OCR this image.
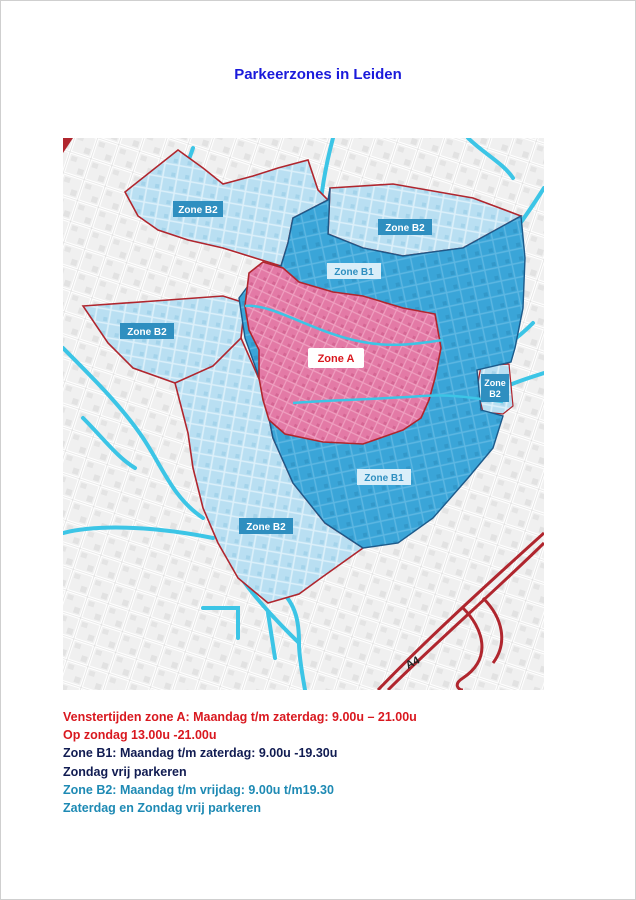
Parkeerzones in Leiden
A4
Zone B2
Zone B2
Zone B1
Zone B2
Zone A
Zone
B2
Zone B1
Zone B2
Venstertijden zone A: Maandag t/m zaterdag: 9.00u – 21.00u
Op zondag 13.00u -21.00u
Zone B1: Maandag t/m zaterdag: 9.00u -19.30u
Zondag vrij parkeren
Zone B2: Maandag t/m vrijdag: 9.00u t/m19.30
Zaterdag en Zondag vrij parkeren
